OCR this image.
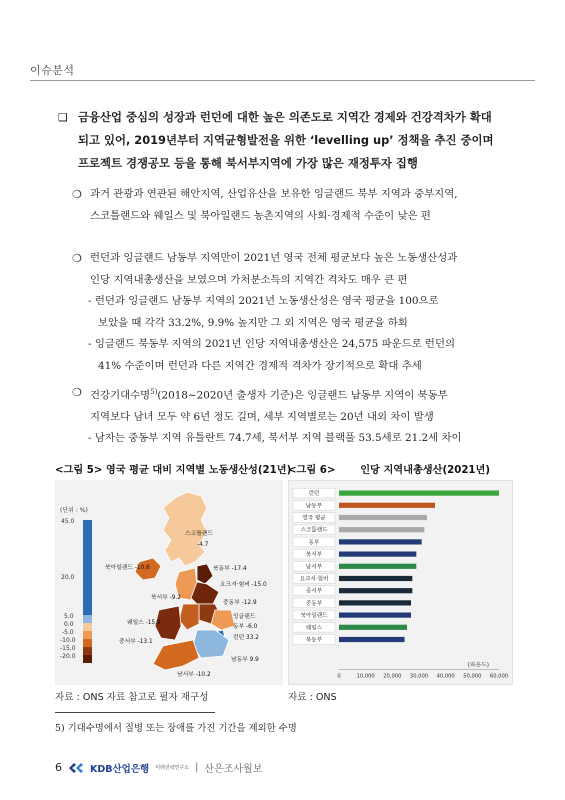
이슈분석
❑ 금융산업 중심의 성장과 런던에 대한 높은 의존도로 지역간 경제와 건강격차가 확대
되고 있어, 2019년부터 지역균형발전을 위한 ‘levelling up’ 정책을 추진 중이며
프로젝트 경쟁공모 등을 통해 북서부지역에 가장 많은 재정투자 집행
❍ 과거 관광과 연관된 해안지역, 산업유산을 보유한 잉글랜드 북부 지역과 중부지역,
스코틀랜드와 웨일스 및 북아일랜드 농촌지역의 사회·경제적 수준이 낮은 편
❍ 런던과 잉글랜드 남동부 지역만이 2021년 영국 전체 평균보다 높은 노동생산성과
인당 지역내총생산을 보였으며 가처분소득의 지역간 격차도 매우 큰 편
- 런던과 잉글랜드 남동부 지역의 2021년 노동생산성은 영국 평균을 100으로
보았을 때 각각 33.2%, 9.9% 높지만 그 외 지역은 영국 평균을 하회
- 잉글랜드 북동부 지역의 2021년 인당 지역내총생산은 24,575 파운드로 런던의
41% 수준이며 런던과 다른 지역간 경제적 격차가 장기적으로 확대 추세
❍ 건강기대수명$^{5)}$(2018~2020년 출생자 기준)은 잉글랜드 남동부 지역이 북동부
지역보다 남녀 모두 약 6년 정도 길며, 세부 지역별로는 20년 내외 차이 발생
- 남자는 중동부 지역 유틀란트 74.7세, 북서부 지역 블랙풀 53.5세로 21.2세 차이
<그림 5> 영국 평균 대비 지역별 노동생산성(21년)
<그림 6> 인당 지역내총생산(2021년)
(단위 : %)
45.0
20.0
5.0
0.0
-5.0
-10.0
-15.0
-20.0
스코틀랜드
-4.7
북아일랜드 -10.6	북동부 -17.4
요크셔·험버 -15.0
북서부 -9.2
중동부 -12.9
웨일스 -15.9
잉글랜드
동부 -6.0
중서부 -13.1
런던 33.2
남동부 9.9
남서부 -10.2
런던
남동부
영국 평균
스코틀랜드
동부
북서부
남서부
요크셔·험버
중서부
중동부
북아일랜드
웨일스
북동부
0	10,000 20,000 30,000 40,000 50,000 60,000
(파운드)
자료 : ONS 자료 참고로 필자 재구성	자료 : ONS
5) 기대수명에서 질병 또는 장애를 가진 기간을 제외한 수명
6	KDB산업은행 미래전략연구소 | 산은조사월보
